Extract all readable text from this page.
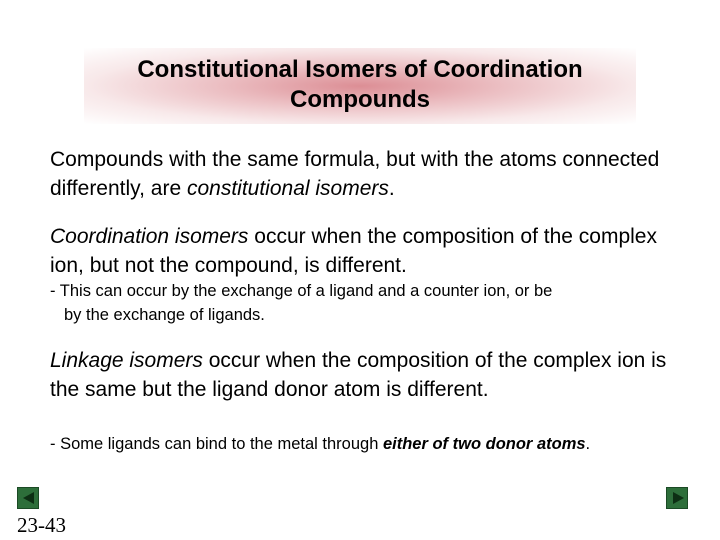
Constitutional Isomers of Coordination
Compounds

Compounds with the same formula, but with the atoms connected differently, are constitutional isomers.

Coordination isomers occur when the composition of the complex ion, but not the compound, is different.

- This can occur by the exchange of a ligand and a counter ion, or be
by the exchange of ligands.

Linkage isomers occur when the composition of the complex ion is the same but the ligand donor atom is different.

- Some ligands can bind to the metal through either of two donor atoms.

23-43
